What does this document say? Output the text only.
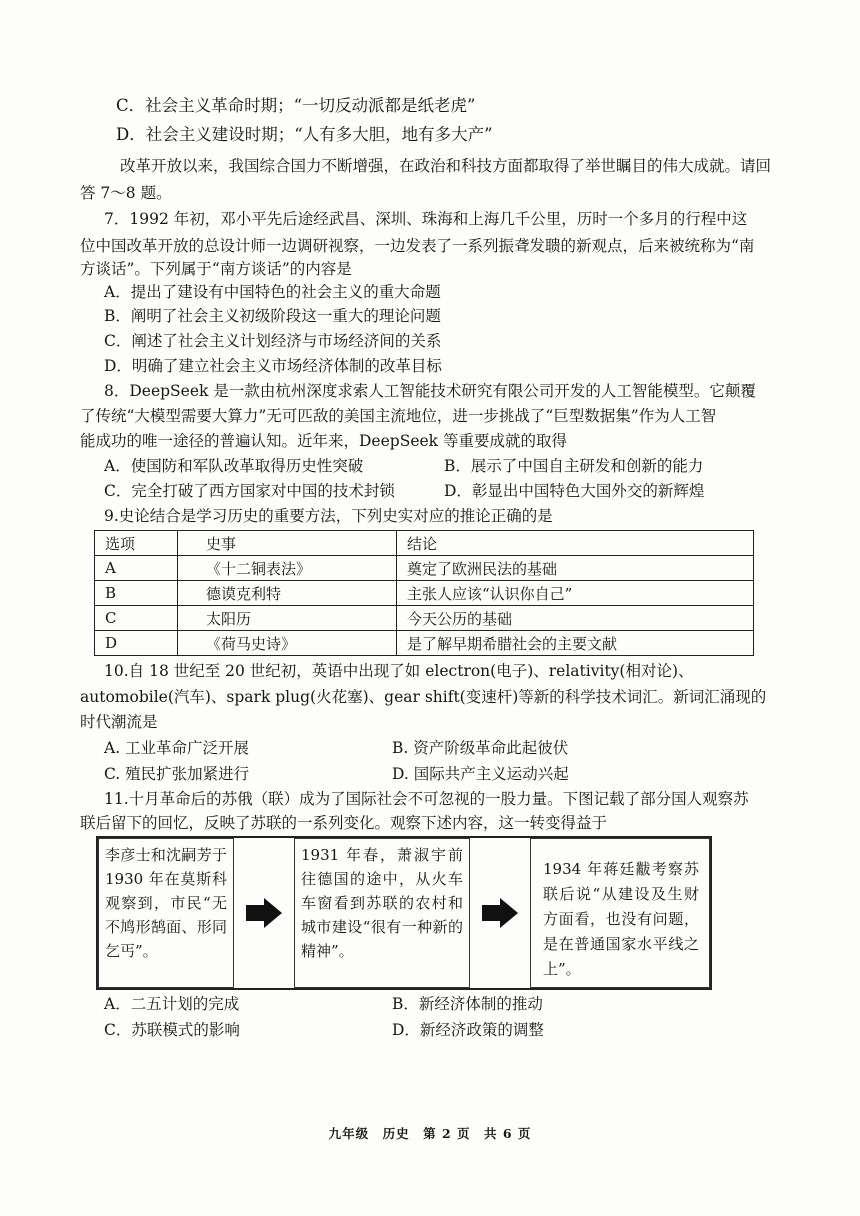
C．社会主义革命时期；“一切反动派都是纸老虎”
D．社会主义建设时期；“人有多大胆，地有多大产”
改革开放以来，我国综合国力不断增强，在政治和科技方面都取得了举世瞩目的伟大成就。请回
答 7～8 题。
7．1992 年初，邓小平先后途经武昌、深圳、珠海和上海几千公里，历时一个多月的行程中这
位中国改革开放的总设计师一边调研视察，一边发表了一系列振聋发聩的新观点，后来被统称为“南
方谈话”。下列属于“南方谈话”的内容是
A．提出了建设有中国特色的社会主义的重大命题
B．阐明了社会主义初级阶段这一重大的理论问题
C．阐述了社会主义计划经济与市场经济间的关系
D．明确了建立社会主义市场经济体制的改革目标
8．DeepSeek 是一款由杭州深度求索人工智能技术研究有限公司开发的人工智能模型。它颠覆
了传统“大模型需要大算力”无可匹敌的美国主流地位，进一步挑战了“巨型数据集”作为人工智
能成功的唯一途径的普遍认知。近年来，DeepSeek 等重要成就的取得
A．使国防和军队改革取得历史性突破	B．展示了中国自主研发和创新的能力
C．完全打破了西方国家对中国的技术封锁	D．彰显出中国特色大国外交的新辉煌
9.史论结合是学习历史的重要方法，下列史实对应的推论正确的是
选项	史事	结论
A	《十二铜表法》	奠定了欧洲民法的基础
B	德谟克利特	主张人应该“认识你自己”
C	太阳历	今天公历的基础
D	《荷马史诗》	是了解早期希腊社会的主要文献
10.自 18 世纪至 20 世纪初，英语中出现了如 electron(电子)、relativity(相对论)、
automobile(汽车)、spark plug(火花塞)、gear shift(变速杆)等新的科学技术词汇。新词汇涌现的
时代潮流是
A. 工业革命广泛开展	B. 资产阶级革命此起彼伏
C. 殖民扩张加紧进行	D. 国际共产主义运动兴起
11.十月革命后的苏俄（联）成为了国际社会不可忽视的一股力量。下图记载了部分国人观察苏
联后留下的回忆，反映了苏联的一系列变化。观察下述内容，这一转变得益于
李彦士和沈嗣芳于 1930 年在莫斯科观察到，市民“无不鸠形鹄面、形同乞丐”。
1931 年春，萧淑宇前往德国的途中，从火车车窗看到苏联的农村和城市建设“很有一种新的精神”。
1934 年蒋廷黻考察苏联后说“从建设及生财方面看，也没有问题，是在普通国家水平线之上”。
A．二五计划的完成	B．新经济体制的推动
C．苏联模式的影响	D．新经济政策的调整
九年级　历史　第 2 页　共 6 页
